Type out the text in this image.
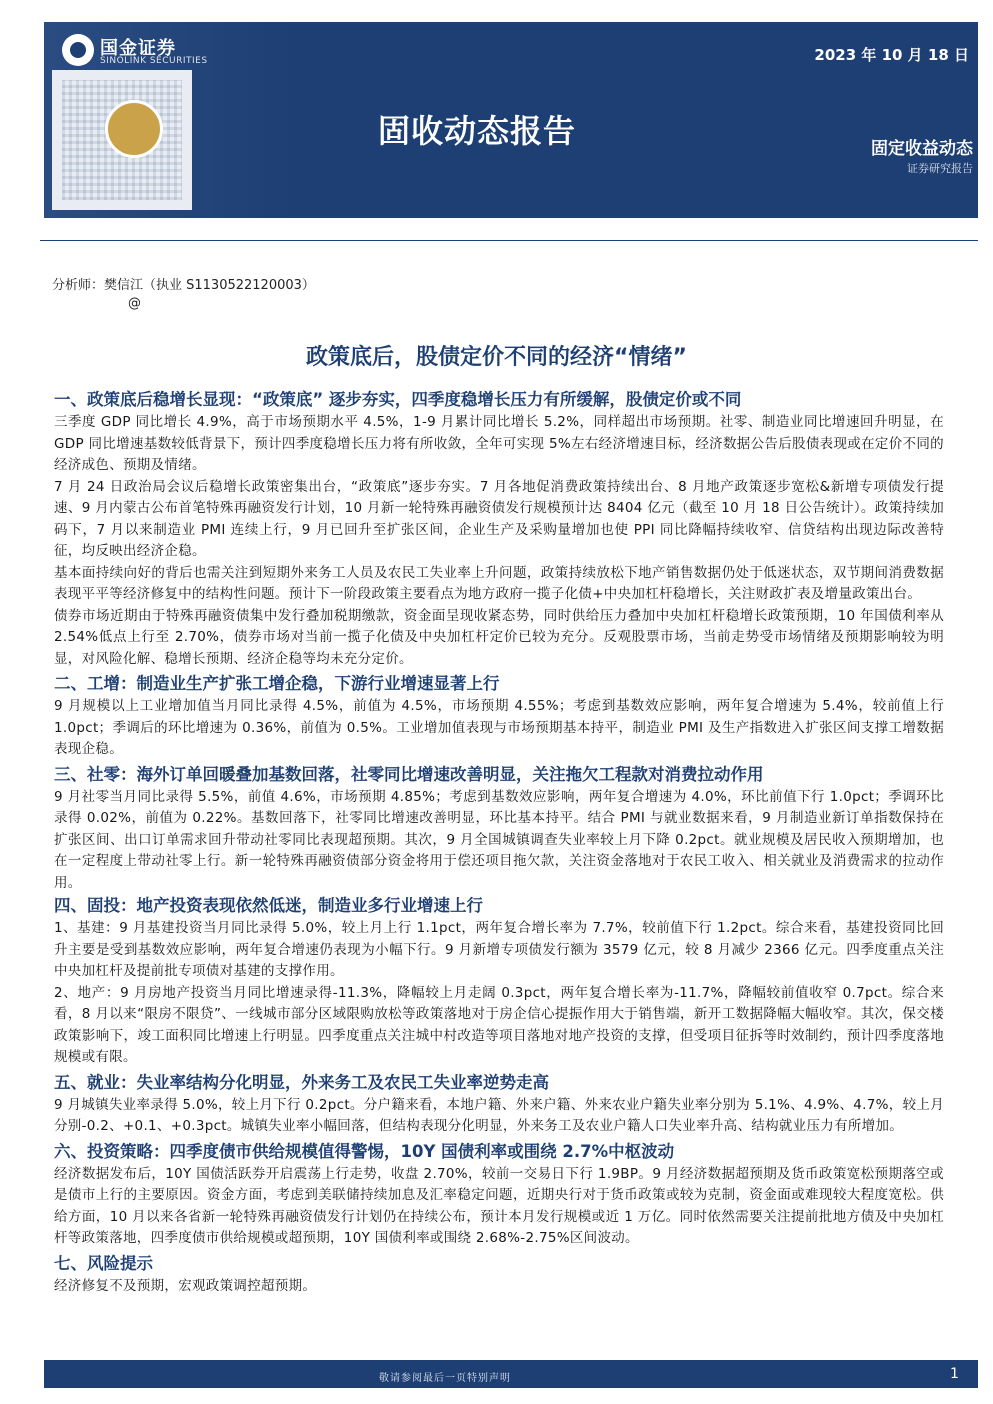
国金证券
SINOLINK SECURITIES	2023 年 10 月 18 日
固收动态报告	固定收益动态
证券研究报告
分析师：樊信江（执业 S1130522120003）
@
政策底后，股债定价不同的经济“情绪”
一、政策底后稳增长显现：“政策底” 逐步夯实，四季度稳增长压力有所缓解，股债定价或不同

三季度 GDP 同比增长 4.9%，高于市场预期水平 4.5%，1-9 月累计同比增长 5.2%，同样超出市场预期。社零、制造业同比增速回升明显，在 GDP 同比增速基数较低背景下，预计四季度稳增长压力将有所收敛，全年可实现 5%左右经济增速目标，经济数据公告后股债表现或在定价不同的经济成色、预期及情绪。

7 月 24 日政治局会议后稳增长政策密集出台，“政策底”逐步夯实。7 月各地促消费政策持续出台、8 月地产政策逐步宽松&新增专项债发行提速、9 月内蒙古公布首笔特殊再融资发行计划，10 月新一轮特殊再融资债发行规模预计达 8404 亿元（截至 10 月 18 日公告统计）。政策持续加码下，7 月以来制造业 PMI 连续上行，9 月已回升至扩张区间，企业生产及采购量增加也使 PPI 同比降幅持续收窄、信贷结构出现边际改善特征，均反映出经济企稳。

基本面持续向好的背后也需关注到短期外来务工人员及农民工失业率上升问题，政策持续放松下地产销售数据仍处于低迷状态，双节期间消费数据表现平平等经济修复中的结构性问题。预计下一阶段政策主要看点为地方政府一揽子化债+中央加杠杆稳增长，关注财政扩表及增量政策出台。

债券市场近期由于特殊再融资债集中发行叠加税期缴款，资金面呈现收紧态势，同时供给压力叠加中央加杠杆稳增长政策预期，10 年国债利率从 2.54%低点上行至 2.70%，债券市场对当前一揽子化债及中央加杠杆定价已较为充分。反观股票市场，当前走势受市场情绪及预期影响较为明显，对风险化解、稳增长预期、经济企稳等均未充分定价。

二、工增：制造业生产扩张工增企稳，下游行业增速显著上行

9 月规模以上工业增加值当月同比录得 4.5%，前值为 4.5%，市场预期 4.55%；考虑到基数效应影响，两年复合增速为 5.4%，较前值上行 1.0pct；季调后的环比增速为 0.36%，前值为 0.5%。工业增加值表现与市场预期基本持平，制造业 PMI 及生产指数进入扩张区间支撑工增数据表现企稳。

三、社零：海外订单回暖叠加基数回落，社零同比增速改善明显，关注拖欠工程款对消费拉动作用

9 月社零当月同比录得 5.5%，前值 4.6%，市场预期 4.85%；考虑到基数效应影响，两年复合增速为 4.0%，环比前值下行 1.0pct；季调环比录得 0.02%，前值为 0.22%。基数回落下，社零同比增速改善明显，环比基本持平。结合 PMI 与就业数据来看，9 月制造业新订单指数保持在扩张区间、出口订单需求回升带动社零同比表现超预期。其次，9 月全国城镇调查失业率较上月下降 0.2pct。就业规模及居民收入预期增加，也在一定程度上带动社零上行。新一轮特殊再融资债部分资金将用于偿还项目拖欠款，关注资金落地对于农民工收入、相关就业及消费需求的拉动作用。

四、固投：地产投资表现依然低迷，制造业多行业增速上行

1、基建：9 月基建投资当月同比录得 5.0%，较上月上行 1.1pct，两年复合增长率为 7.7%，较前值下行 1.2pct。综合来看，基建投资同比回升主要是受到基数效应影响，两年复合增速仍表现为小幅下行。9 月新增专项债发行额为 3579 亿元，较 8 月减少 2366 亿元。四季度重点关注中央加杠杆及提前批专项债对基建的支撑作用。

2、地产：9 月房地产投资当月同比增速录得-11.3%，降幅较上月走阔 0.3pct，两年复合增长率为-11.7%，降幅较前值收窄 0.7pct。综合来看，8 月以来“限房不限贷”、一线城市部分区域限购放松等政策落地对于房企信心提振作用大于销售端，新开工数据降幅大幅收窄。其次，保交楼政策影响下，竣工面积同比增速上行明显。四季度重点关注城中村改造等项目落地对地产投资的支撑，但受项目征拆等时效制约，预计四季度落地规模或有限。

五、就业：失业率结构分化明显，外来务工及农民工失业率逆势走高

9 月城镇失业率录得 5.0%，较上月下行 0.2pct。分户籍来看，本地户籍、外来户籍、外来农业户籍失业率分别为 5.1%、4.9%、4.7%，较上月分别-0.2、+0.1、+0.3pct。城镇失业率小幅回落，但结构表现分化明显，外来务工及农业户籍人口失业率升高、结构就业压力有所增加。

六、投资策略：四季度债市供给规模值得警惕，10Y 国债利率或围绕 2.7%中枢波动

经济数据发布后，10Y 国债活跃券开启震荡上行走势，收盘 2.70%，较前一交易日下行 1.9BP。9 月经济数据超预期及货币政策宽松预期落空或是债市上行的主要原因。资金方面，考虑到美联储持续加息及汇率稳定问题，近期央行对于货币政策或较为克制，资金面或难现较大程度宽松。供给方面，10 月以来各省新一轮特殊再融资债发行计划仍在持续公布，预计本月发行规模或近 1 万亿。同时依然需要关注提前批地方债及中央加杠杆等政策落地，四季度债市供给规模或超预期，10Y 国债利率或围绕 2.68%-2.75%区间波动。

七、风险提示

经济修复不及预期，宏观政策调控超预期。

敬请参阅最后一页特别声明	1
